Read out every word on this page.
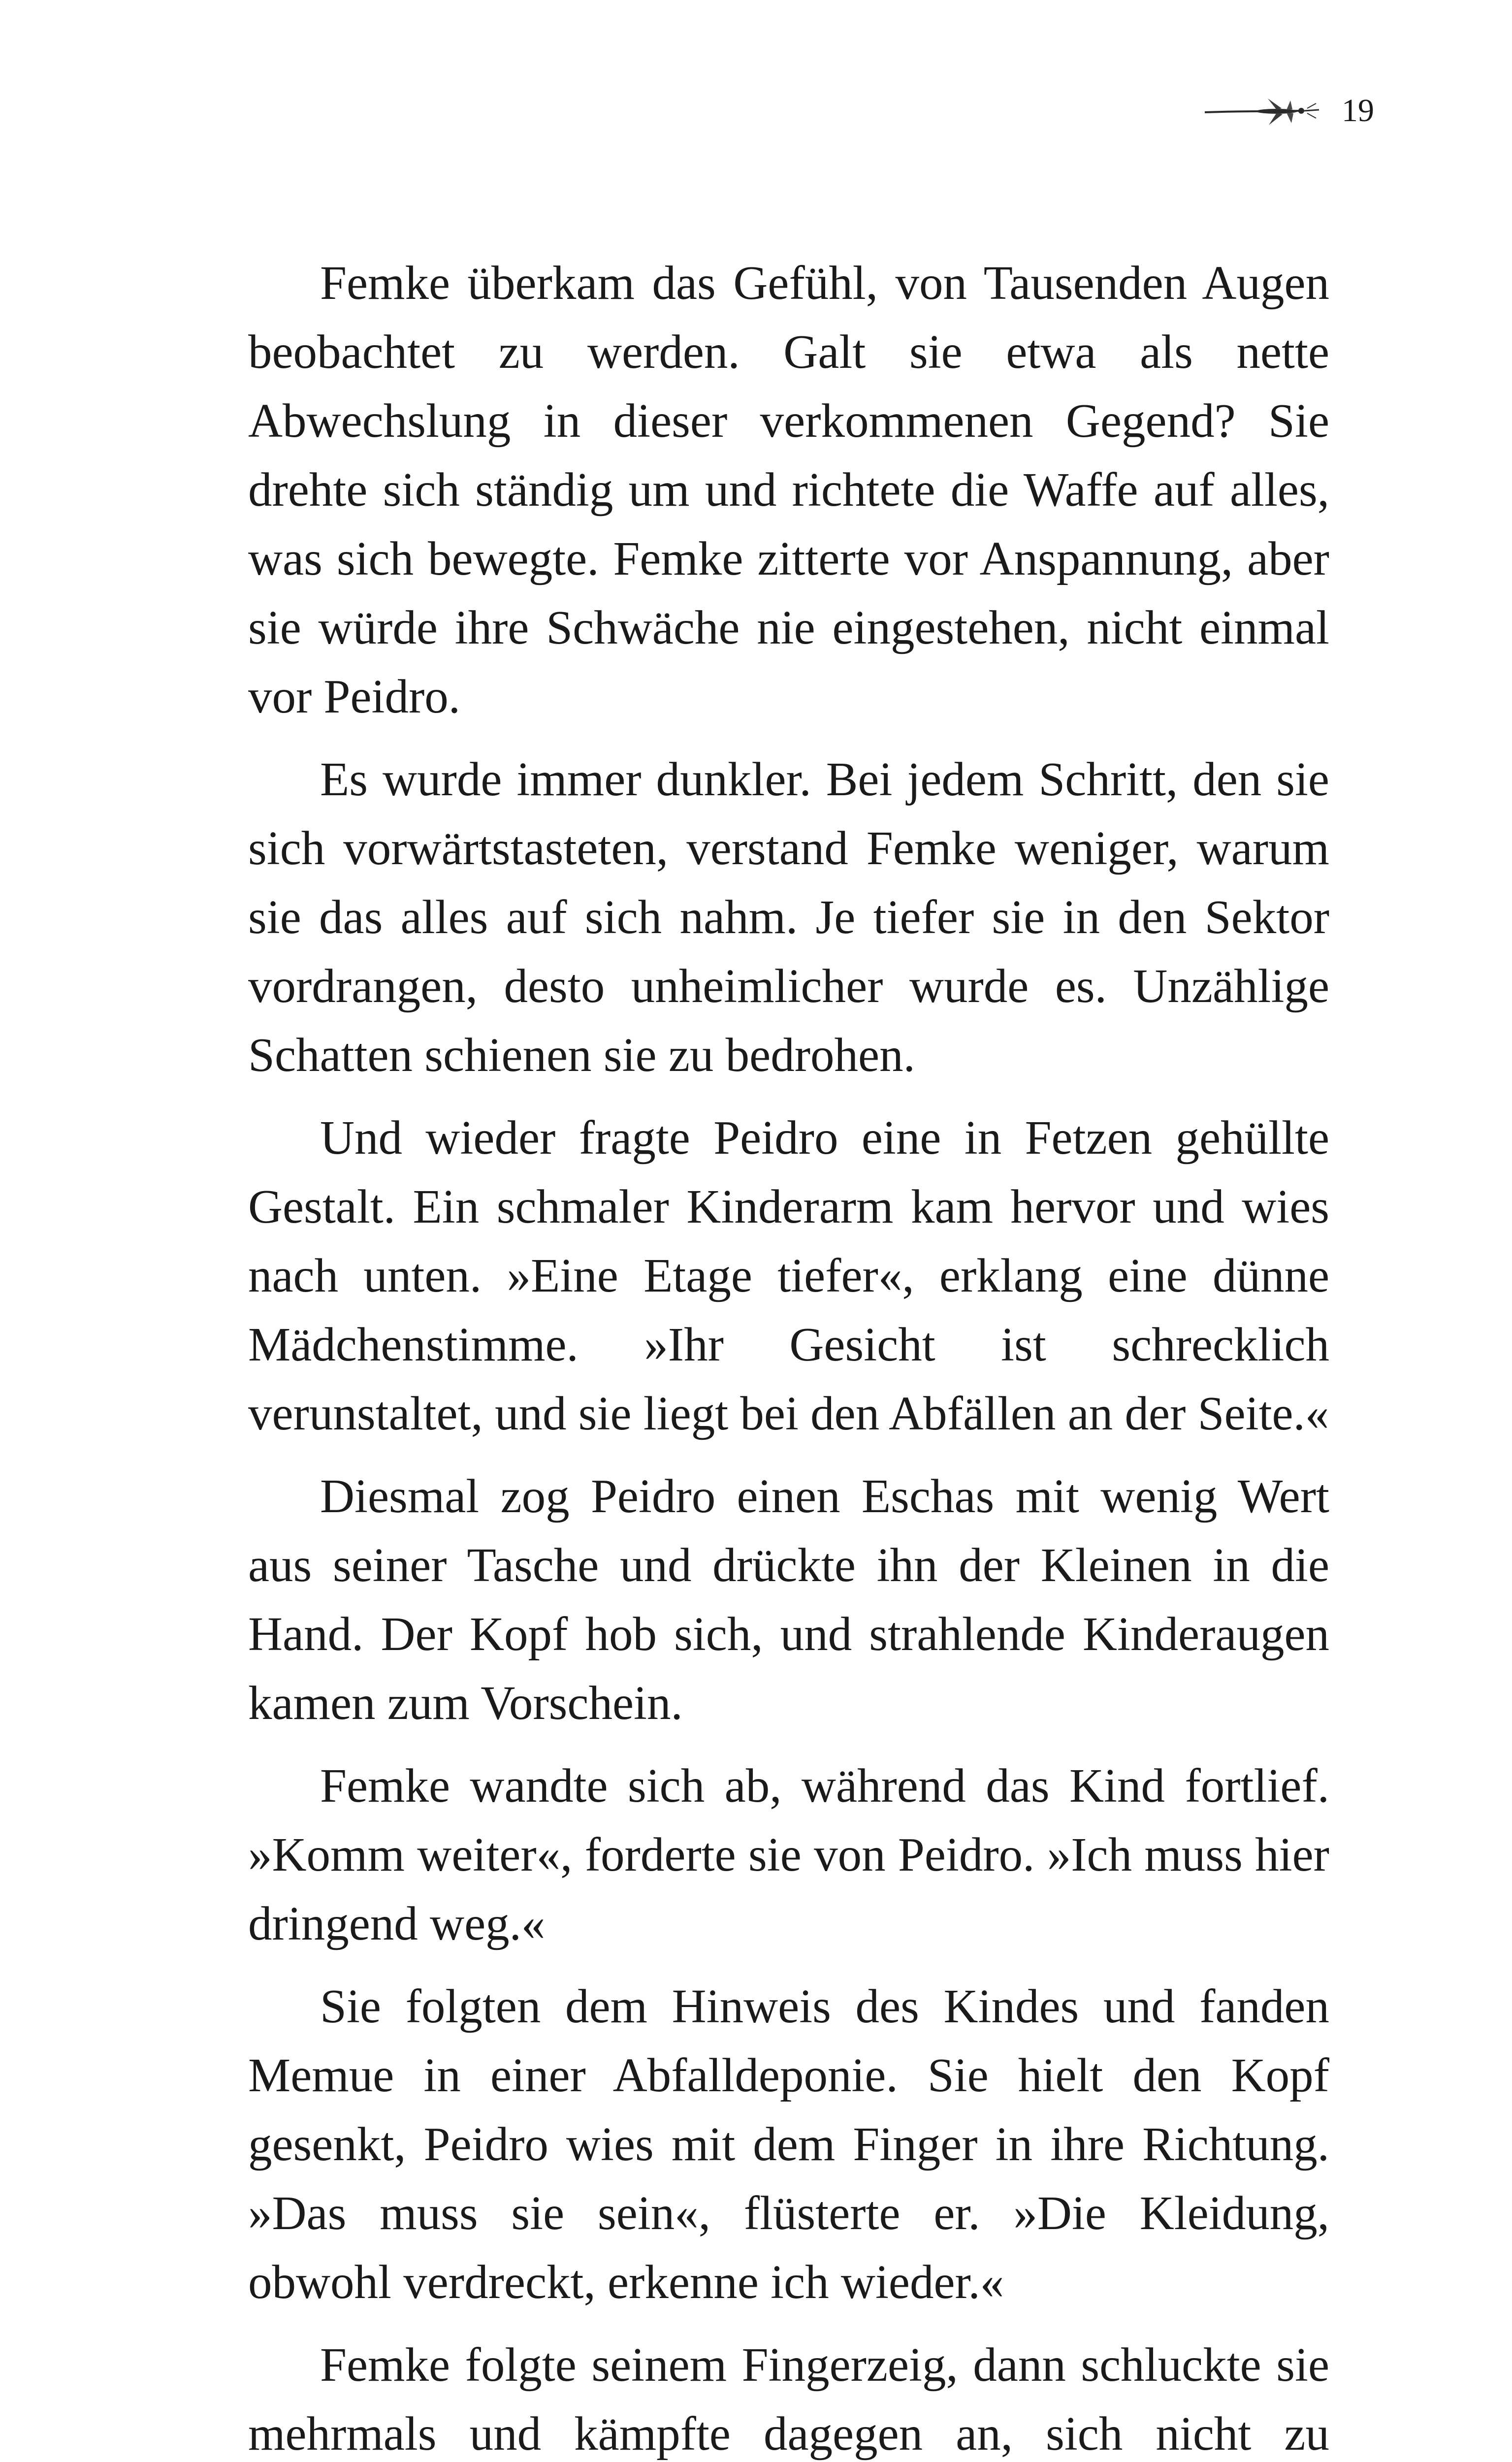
19

Femke überkam das Gefühl, von Tausenden Augen beobachtet zu werden. Galt sie etwa als nette Abwechslung in dieser verkommenen Gegend? Sie drehte sich ständig um und richtete die Waffe auf alles, was sich bewegte. Femke zitterte vor Anspannung, aber sie würde ihre Schwäche nie eingestehen, nicht einmal vor Peidro.

Es wurde immer dunkler. Bei jedem Schritt, den sie sich vorwärtstasteten, verstand Femke weniger, warum sie das alles auf sich nahm. Je tiefer sie in den Sektor vordrangen, desto unheimlicher wurde es. Unzählige Schatten schienen sie zu bedrohen.

Und wieder fragte Peidro eine in Fetzen gehüllte Gestalt. Ein schmaler Kinderarm kam hervor und wies nach unten. »Eine Etage tiefer«, erklang eine dünne Mädchenstimme. »Ihr Gesicht ist schrecklich verunstaltet, und sie liegt bei den Abfällen an der Seite.«

Diesmal zog Peidro einen Eschas mit wenig Wert aus seiner Tasche und drückte ihn der Kleinen in die Hand. Der Kopf hob sich, und strahlende Kinderaugen kamen zum Vorschein.

Femke wandte sich ab, während das Kind fortlief. »Komm weiter«, forderte sie von Peidro. »Ich muss hier dringend weg.«

Sie folgten dem Hinweis des Kindes und fanden Memue in einer Abfalldeponie. Sie hielt den Kopf gesenkt, Peidro wies mit dem Finger in ihre Richtung. »Das muss sie sein«, flüsterte er. »Die Kleidung, obwohl verdreckt, erkenne ich wieder.«

Femke folgte seinem Fingerzeig, dann schluckte sie mehrmals und kämpfte dagegen an, sich nicht zu
